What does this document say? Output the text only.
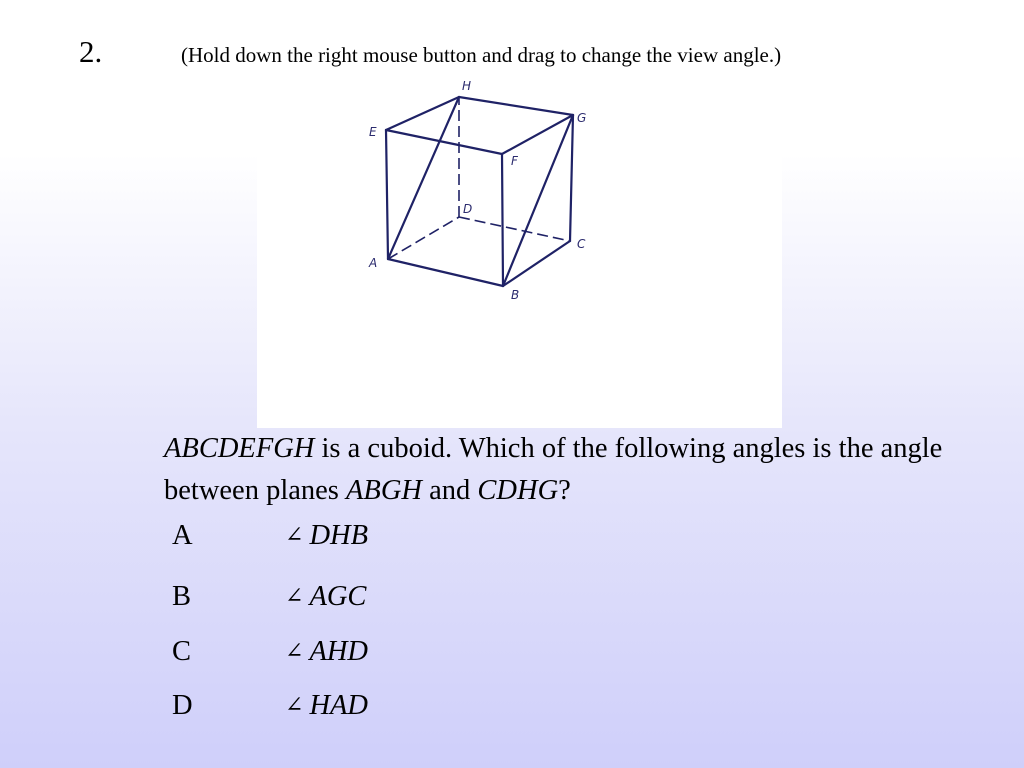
2.	(Hold down the right mouse button and drag to change the view angle.)
H
G
E
F
D
C
A
B
ABCDEFGH is a cuboid. Which of the following angles is the angle between planes ABGH and CDHG?
A	∠ DHB
B	∠ AGC
C	∠ AHD
D	∠ HAD
